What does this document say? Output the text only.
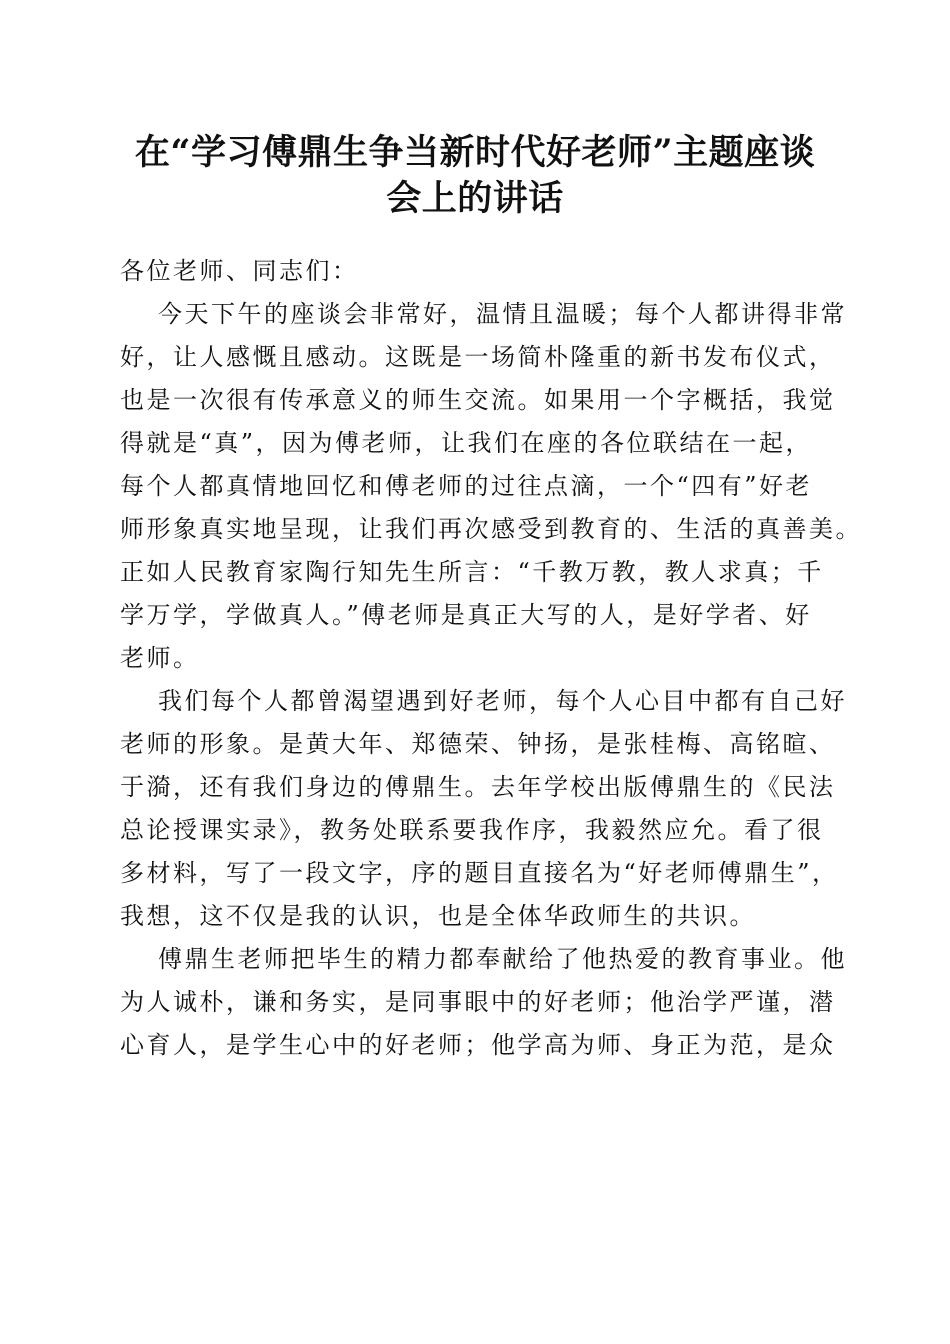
在“学习傅鼎生争当新时代好老师”主题座谈
会上的讲话
各位老师、同志们：
今天下午的座谈会非常好，温情且温暖；每个人都讲得非常
好，让人感慨且感动。这既是一场简朴隆重的新书发布仪式，
也是一次很有传承意义的师生交流。如果用一个字概括，我觉
得就是“真”，因为傅老师，让我们在座的各位联结在一起，
每个人都真情地回忆和傅老师的过往点滴，一个“四有”好老
师形象真实地呈现，让我们再次感受到教育的、生活的真善美。
正如人民教育家陶行知先生所言：“千教万教，教人求真；千
学万学，学做真人。”傅老师是真正大写的人，是好学者、好
老师。
我们每个人都曾渴望遇到好老师，每个人心目中都有自己好
老师的形象。是黄大年、郑德荣、钟扬，是张桂梅、高铭暄、
于漪，还有我们身边的傅鼎生。去年学校出版傅鼎生的《民法
总论授课实录》，教务处联系要我作序，我毅然应允。看了很
多材料，写了一段文字，序的题目直接名为“好老师傅鼎生”，
我想，这不仅是我的认识，也是全体华政师生的共识。
傅鼎生老师把毕生的精力都奉献给了他热爱的教育事业。他
为人诚朴，谦和务实，是同事眼中的好老师；他治学严谨，潜
心育人，是学生心中的好老师；他学高为师、身正为范，是众
